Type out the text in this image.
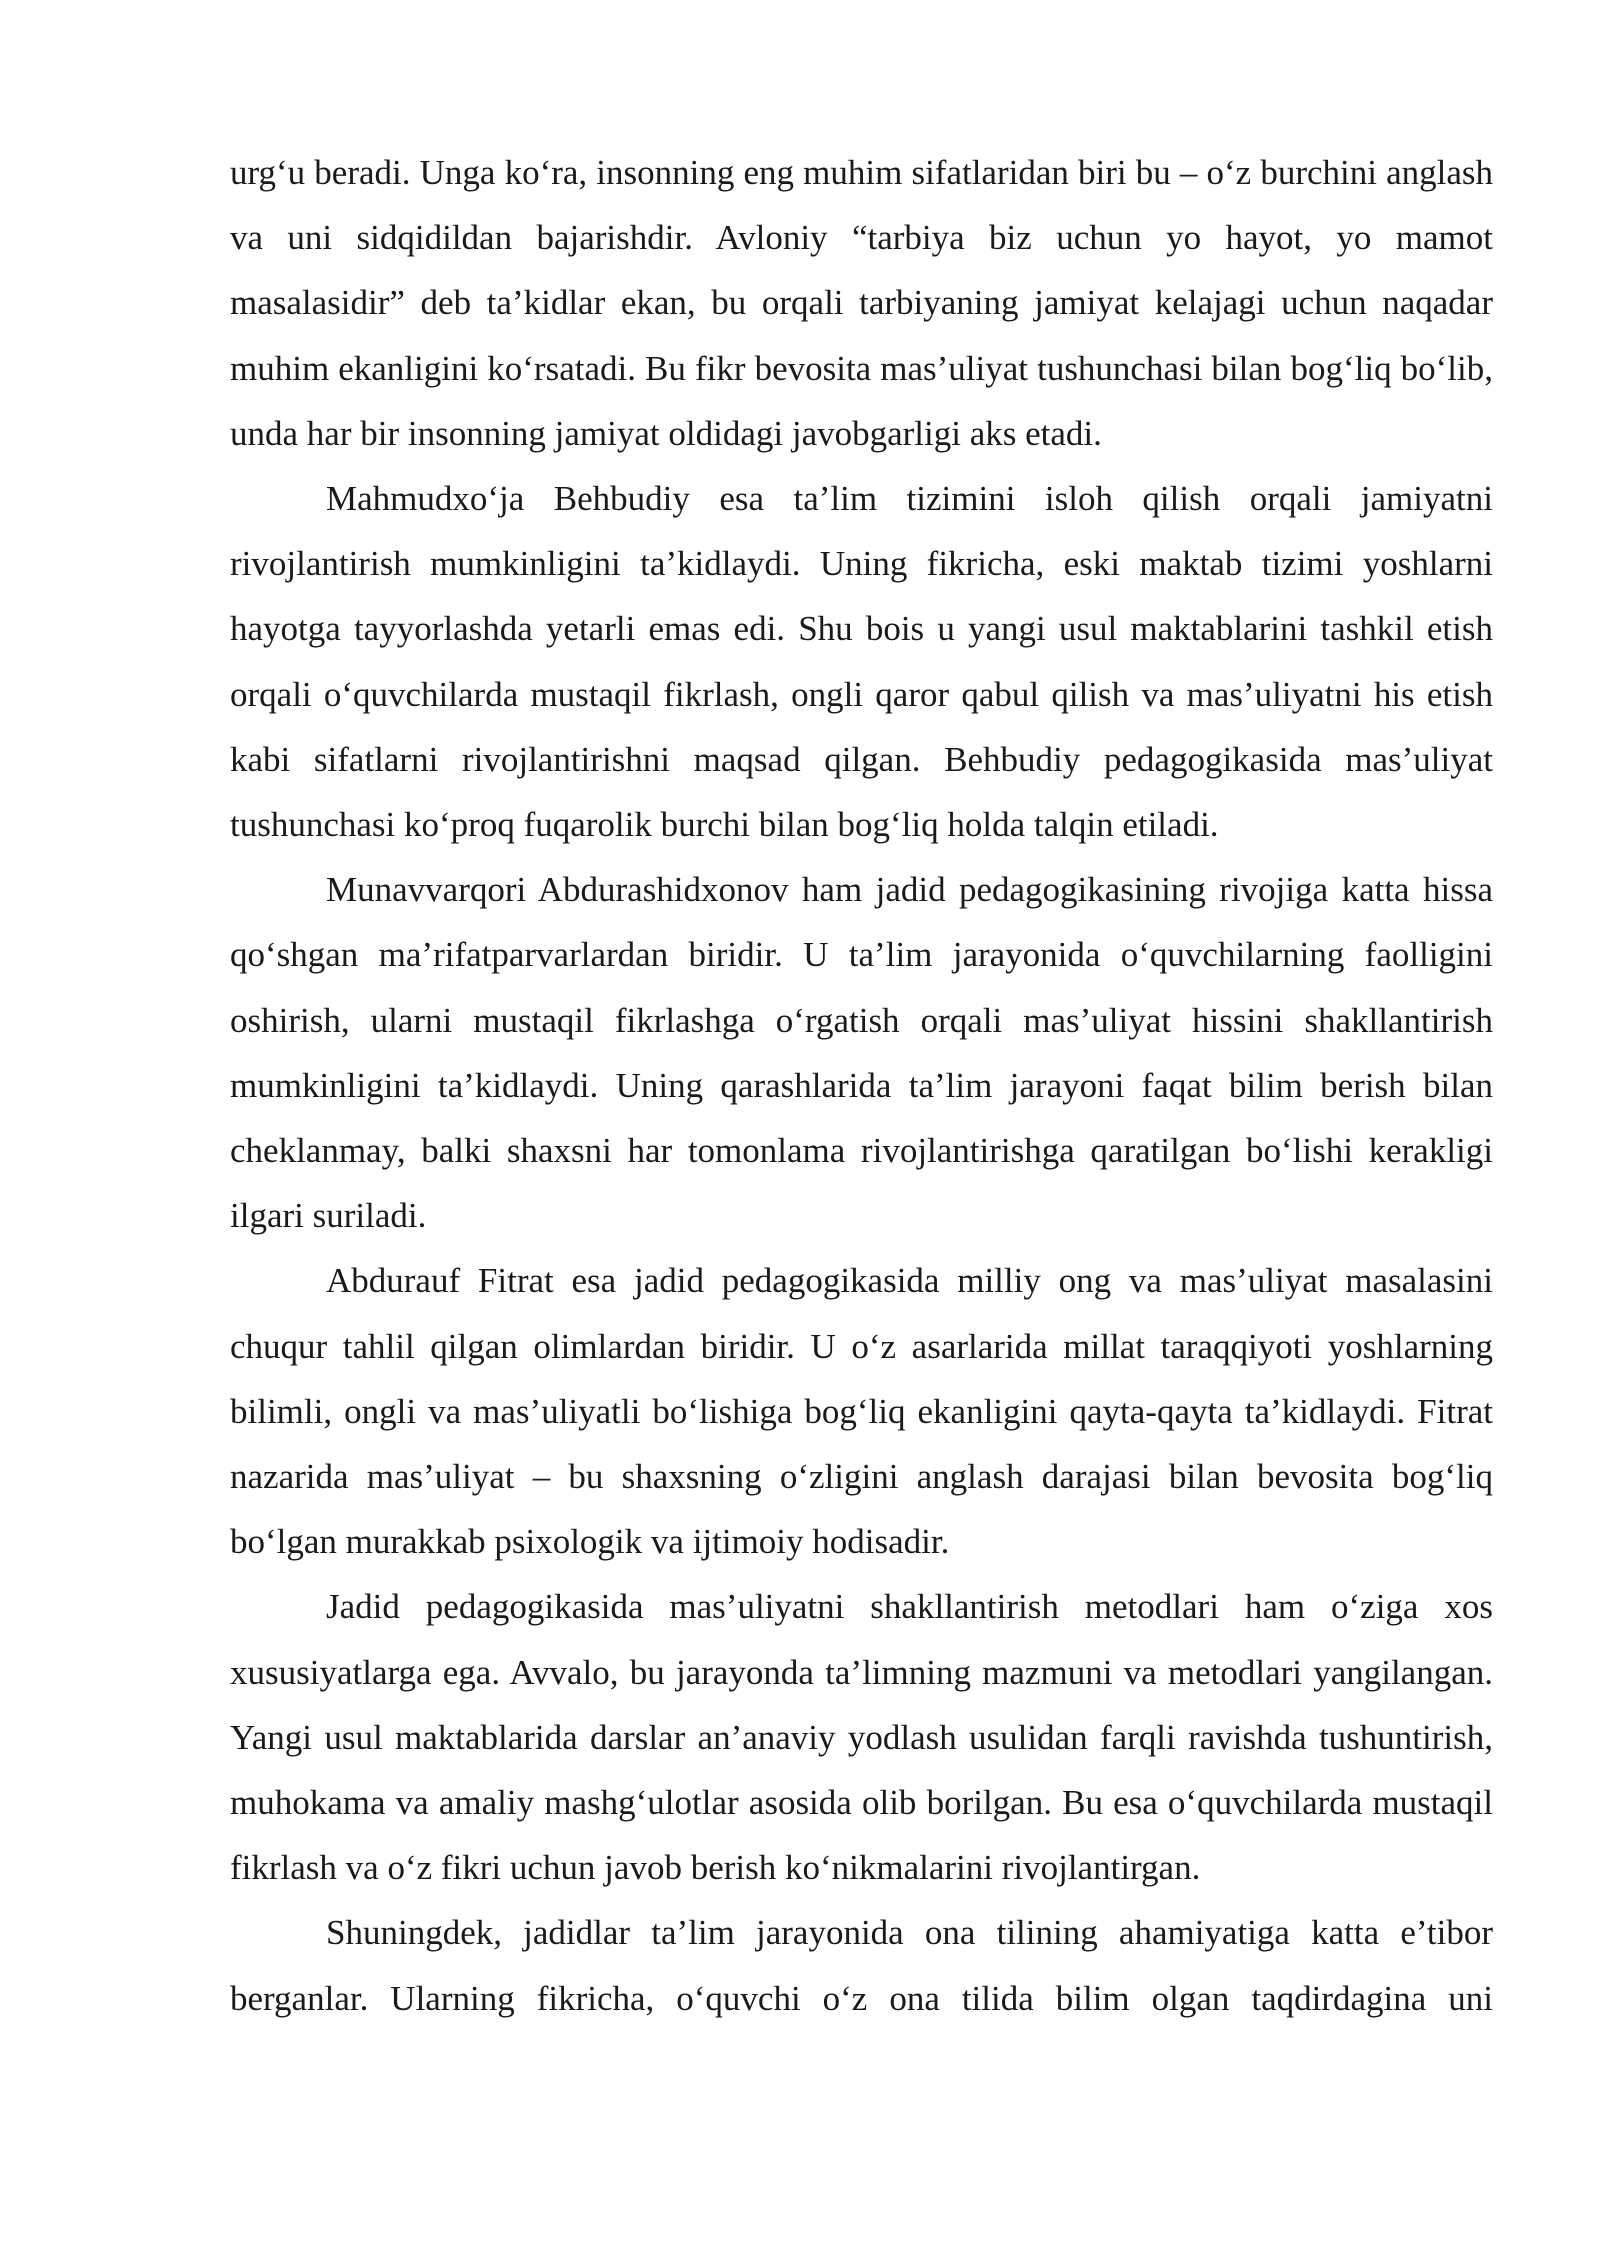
urg‘u beradi. Unga ko‘ra, insonning eng muhim sifatlaridan biri bu – o‘z burchini anglash va uni sidqidildan bajarishdir. Avloniy “tarbiya biz uchun yo hayot, yo mamot masalasidir” deb ta’kidlar ekan, bu orqali tarbiyaning jamiyat kelajagi uchun naqadar muhim ekanligini ko‘rsatadi. Bu fikr bevosita mas’uliyat tushunchasi bilan bog‘liq bo‘lib, unda har bir insonning jamiyat oldidagi javobgarligi aks etadi.

Mahmudxo‘ja Behbudiy esa ta’lim tizimini isloh qilish orqali jamiyatni rivojlantirish mumkinligini ta’kidlaydi. Uning fikricha, eski maktab tizimi yoshlarni hayotga tayyorlashda yetarli emas edi. Shu bois u yangi usul maktablarini tashkil etish orqali o‘quvchilarda mustaqil fikrlash, ongli qaror qabul qilish va mas’uliyatni his etish kabi sifatlarni rivojlantirishni maqsad qilgan. Behbudiy pedagogikasida mas’uliyat tushunchasi ko‘proq fuqarolik burchi bilan bog‘liq holda talqin etiladi.

Munavvarqori Abdurashidxonov ham jadid pedagogikasining rivojiga katta hissa qo‘shgan ma’rifatparvarlardan biridir. U ta’lim jarayonida o‘quvchilarning faolligini oshirish, ularni mustaqil fikrlashga o‘rgatish orqali mas’uliyat hissini shakllantirish mumkinligini ta’kidlaydi. Uning qarashlarida ta’lim jarayoni faqat bilim berish bilan cheklanmay, balki shaxsni har tomonlama rivojlantirishga qaratilgan bo‘lishi kerakligi ilgari suriladi.

Abdurauf Fitrat esa jadid pedagogikasida milliy ong va mas’uliyat masalasini chuqur tahlil qilgan olimlardan biridir. U o‘z asarlarida millat taraqqiyoti yoshlarning bilimli, ongli va mas’uliyatli bo‘lishiga bog‘liq ekanligini qayta-qayta ta’kidlaydi. Fitrat nazarida mas’uliyat – bu shaxsning o‘zligini anglash darajasi bilan bevosita bog‘liq bo‘lgan murakkab psixologik va ijtimoiy hodisadir.

Jadid pedagogikasida mas’uliyatni shakllantirish metodlari ham o‘ziga xos xususiyatlarga ega. Avvalo, bu jarayonda ta’limning mazmuni va metodlari yangilangan. Yangi usul maktablarida darslar an’anaviy yodlash usulidan farqli ravishda tushuntirish, muhokama va amaliy mashg‘ulotlar asosida olib borilgan. Bu esa o‘quvchilarda mustaqil fikrlash va o‘z fikri uchun javob berish ko‘nikmalarini rivojlantirgan.

Shuningdek, jadidlar ta’lim jarayonida ona tilining ahamiyatiga katta e’tibor berganlar. Ularning fikricha, o‘quvchi o‘z ona tilida bilim olgan taqdirdagina uni
